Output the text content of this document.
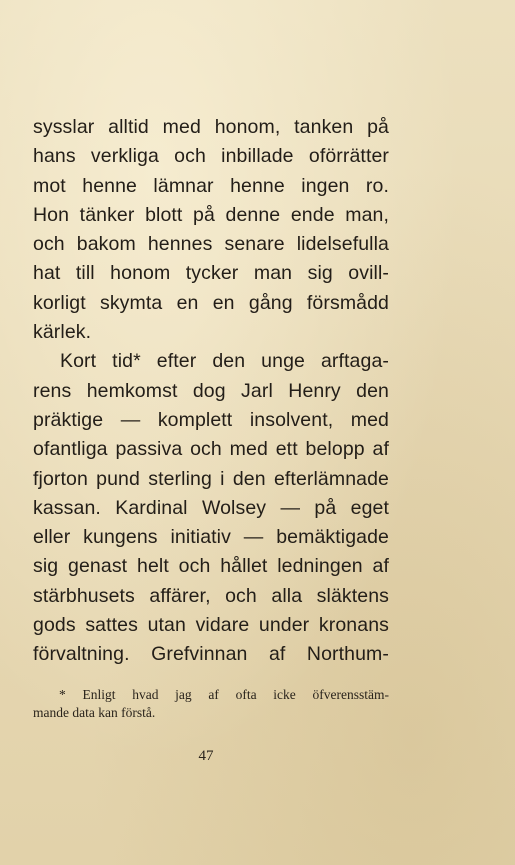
sysslar alltid med honom, tanken på
hans verkliga och inbillade oförrätter
mot henne lämnar henne ingen ro.
Hon tänker blott på denne ende man,
och bakom hennes senare lidelsefulla
hat till honom tycker man sig ovill-
korligt skymta en en gång försmådd
kärlek.
Kort tid* efter den unge arftaga-
rens hemkomst dog Jarl Henry den
präktige — komplett insolvent, med
ofantliga passiva och med ett belopp af
fjorton pund sterling i den efterlämnade
kassan. Kardinal Wolsey — på eget
eller kungens initiativ — bemäktigade
sig genast helt och hållet ledningen af
stärbhusets affärer, och alla släktens
gods sattes utan vidare under kronans
förvaltning. Grefvinnan af Northum-
* Enligt hvad jag af ofta icke öfverensstäm-
mande data kan förstå.
47
